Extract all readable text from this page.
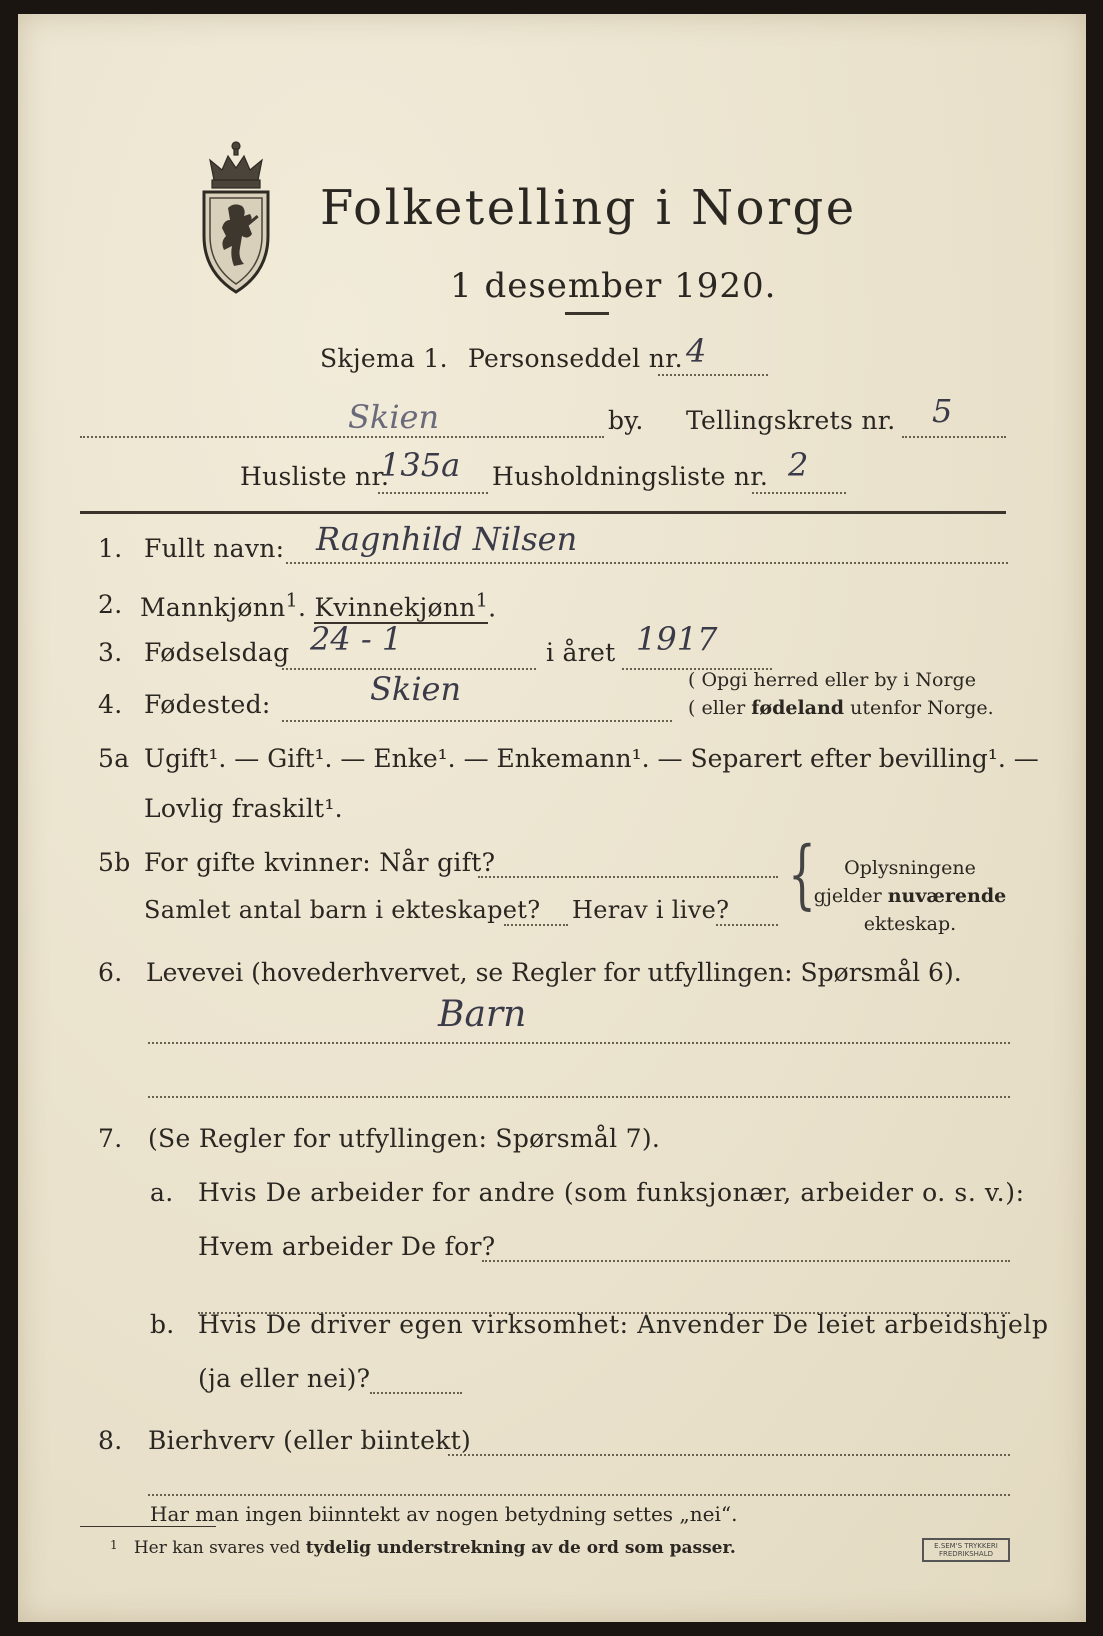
Folketelling i Norge
1 desember 1920.
Skjema 1. Personseddel nr. 4
Skien	by. Tellingskrets nr. 5
Husliste nr.
135a Husholdningsliste nr. 2
1. Fullt navn: Ragnhild Nilsen
2. Mannkjønn$^1$. Kvinnekjønn$^1$.
3. Fødselsdag 24 - 1	i året 1917
4. Fødested:	Skien	( Opgi herred eller by i Norge
( eller fødeland utenfor Norge.
5a Ugift¹. — Gift¹. — Enke¹. — Enkemann¹. — Separert efter bevilling¹. —
Lovlig fraskilt¹.
5b For gifte kvinner: Når gift?
Samlet antal barn i ekteskapet? Herav i live? {	Oplysningene
gjelder nuværende
ekteskap.
6. Levevei (hovederhvervet, se Regler for utfyllingen: Spørsmål 6).
Barn
7. (Se Regler for utfyllingen: Spørsmål 7).
a. Hvis De arbeider for andre (som funksjonær, arbeider o. s. v.):
Hvem arbeider De for?
b. Hvis De driver egen virksomhet: Anvender De leiet arbeidshjelp
(ja eller nei)?
8. Bierhverv (eller biintekt)
Har man ingen biinntekt av nogen betydning settes „nei“.
$^1$ Her kan svares ved tydelig understrekning av de ord som passer.	E.SEM'S TRYKKERI
FREDRIKSHALD
